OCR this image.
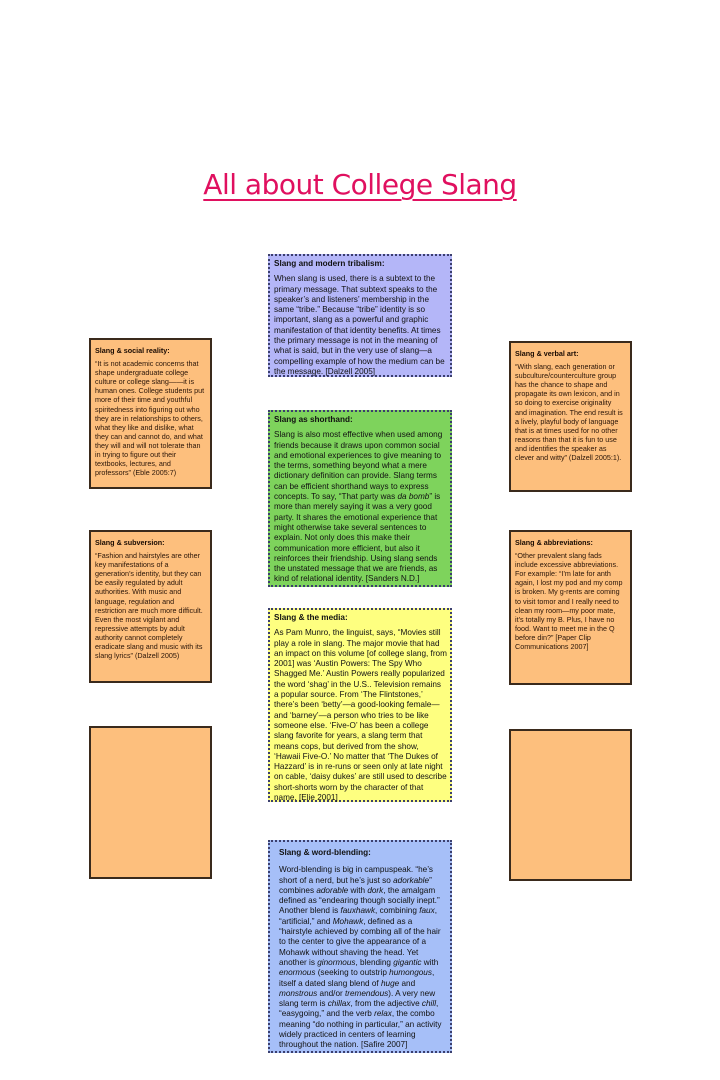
All about College Slang
Slang and modern tribalism:
When slang is used, there is a subtext to the primary message. That subtext speaks to the speaker’s and listeners’ membership in the same “tribe.” Because “tribe” identity is so important, slang as a powerful and graphic manifestation of that identity benefits. At times the primary message is not in the meaning of what is said, but in the very use of slang—a compelling example of how the medium can be the message. [Dalzell 2005]
Slang as shorthand:
Slang is also most effective when used among friends because it draws upon common social and emotional experiences to give meaning to the terms, something beyond what a mere dictionary definition can provide. Slang terms can be efficient shorthand ways to express concepts. To say, “That party was da bomb” is more than merely saying it was a very good party. It shares the emotional experience that might otherwise take several sentences to explain. Not only does this make their communication more efficient, but also it reinforces their friendship. Using slang sends the unstated message that we are friends, as kind of relational identity. [Sanders N.D.]
Slang & the media:
As Pam Munro, the linguist, says, “Movies still play a role in slang. The major movie that had an impact on this volume [of college slang, from 2001] was ‘Austin Powers: The Spy Who Shagged Me.’ Austin Powers really popularized the word ‘shag’ in the U.S.. Television remains a popular source. From ‘The Flintstones,’ there’s been ‘betty’—a good-looking female—and ‘barney’—a person who tries to be like someone else. ‘Five-O’ has been a college slang favorite for years, a slang term that means cops, but derived from the show, ‘Hawaii Five-O.’ No matter that ‘The Dukes of Hazzard’ is in re-runs or seen only at late night on cable, ‘daisy dukes’ are still used to describe short-shorts worn by the character of that name. [Elie 2001]
Slang & word-blending:
Word-blending is big in campuspeak. “he’s short of a nerd, but he’s just so adorkable” combines adorable with dork, the amalgam defined as “endearing though socially inept.” Another blend is fauxhawk, combining faux, “artificial,” and Mohawk, defined as a “hairstyle achieved by combing all of the hair to the center to give the appearance of a Mohawk without shaving the head. Yet another is ginormous, blending gigantic with enormous (seeking to outstrip humongous, itself a dated slang blend of huge and monstrous and/or tremendous). A very new slang term is chillax, from the adjective chill, “easygoing,” and the verb relax, the combo meaning “do nothing in particular,” an activity widely practiced in centers of learning throughout the nation. [Safire 2007]
Slang & social reality:
“It is not academic concerns that shape undergraduate college culture or college slang——it is human ones. College students put more of their time and youthful spiritedness into figuring out who they are in relationships to others, what they like and dislike, what they can and cannot do, and what they will and will not tolerate than in trying to figure out their textbooks, lectures, and professors” (Eble 2005:7)
Slang & subversion:
“Fashion and hairstyles are other key manifestations of a generation’s identity, but they can be easily regulated by adult authorities. With music and language, regulation and restriction are much more difficult. Even the most vigilant and repressive attempts by adult authority cannot completely eradicate slang and music with its slang lyrics” (Dalzell 2005)
Slang & verbal art:
“With slang, each generation or subculture/counterculture group has the chance to shape and propagate its own lexicon, and in so doing to exercise originality and imagination. The end result is a lively, playful body of language that is at times used for no other reasons than that it is fun to use and identifies the speaker as clever and witty” (Dalzell 2005:1).
Slang & abbreviations:
“Other prevalent slang fads include excessive abbreviations. For example: “I’m late for anth again, I lost my pod and my comp is broken. My g-rents are coming to visit tomor and I really need to clean my room—my poor mate, it’s totally my B. Plus, I have no food. Want to meet me in the Q before din?” [Paper Clip Communications 2007]
